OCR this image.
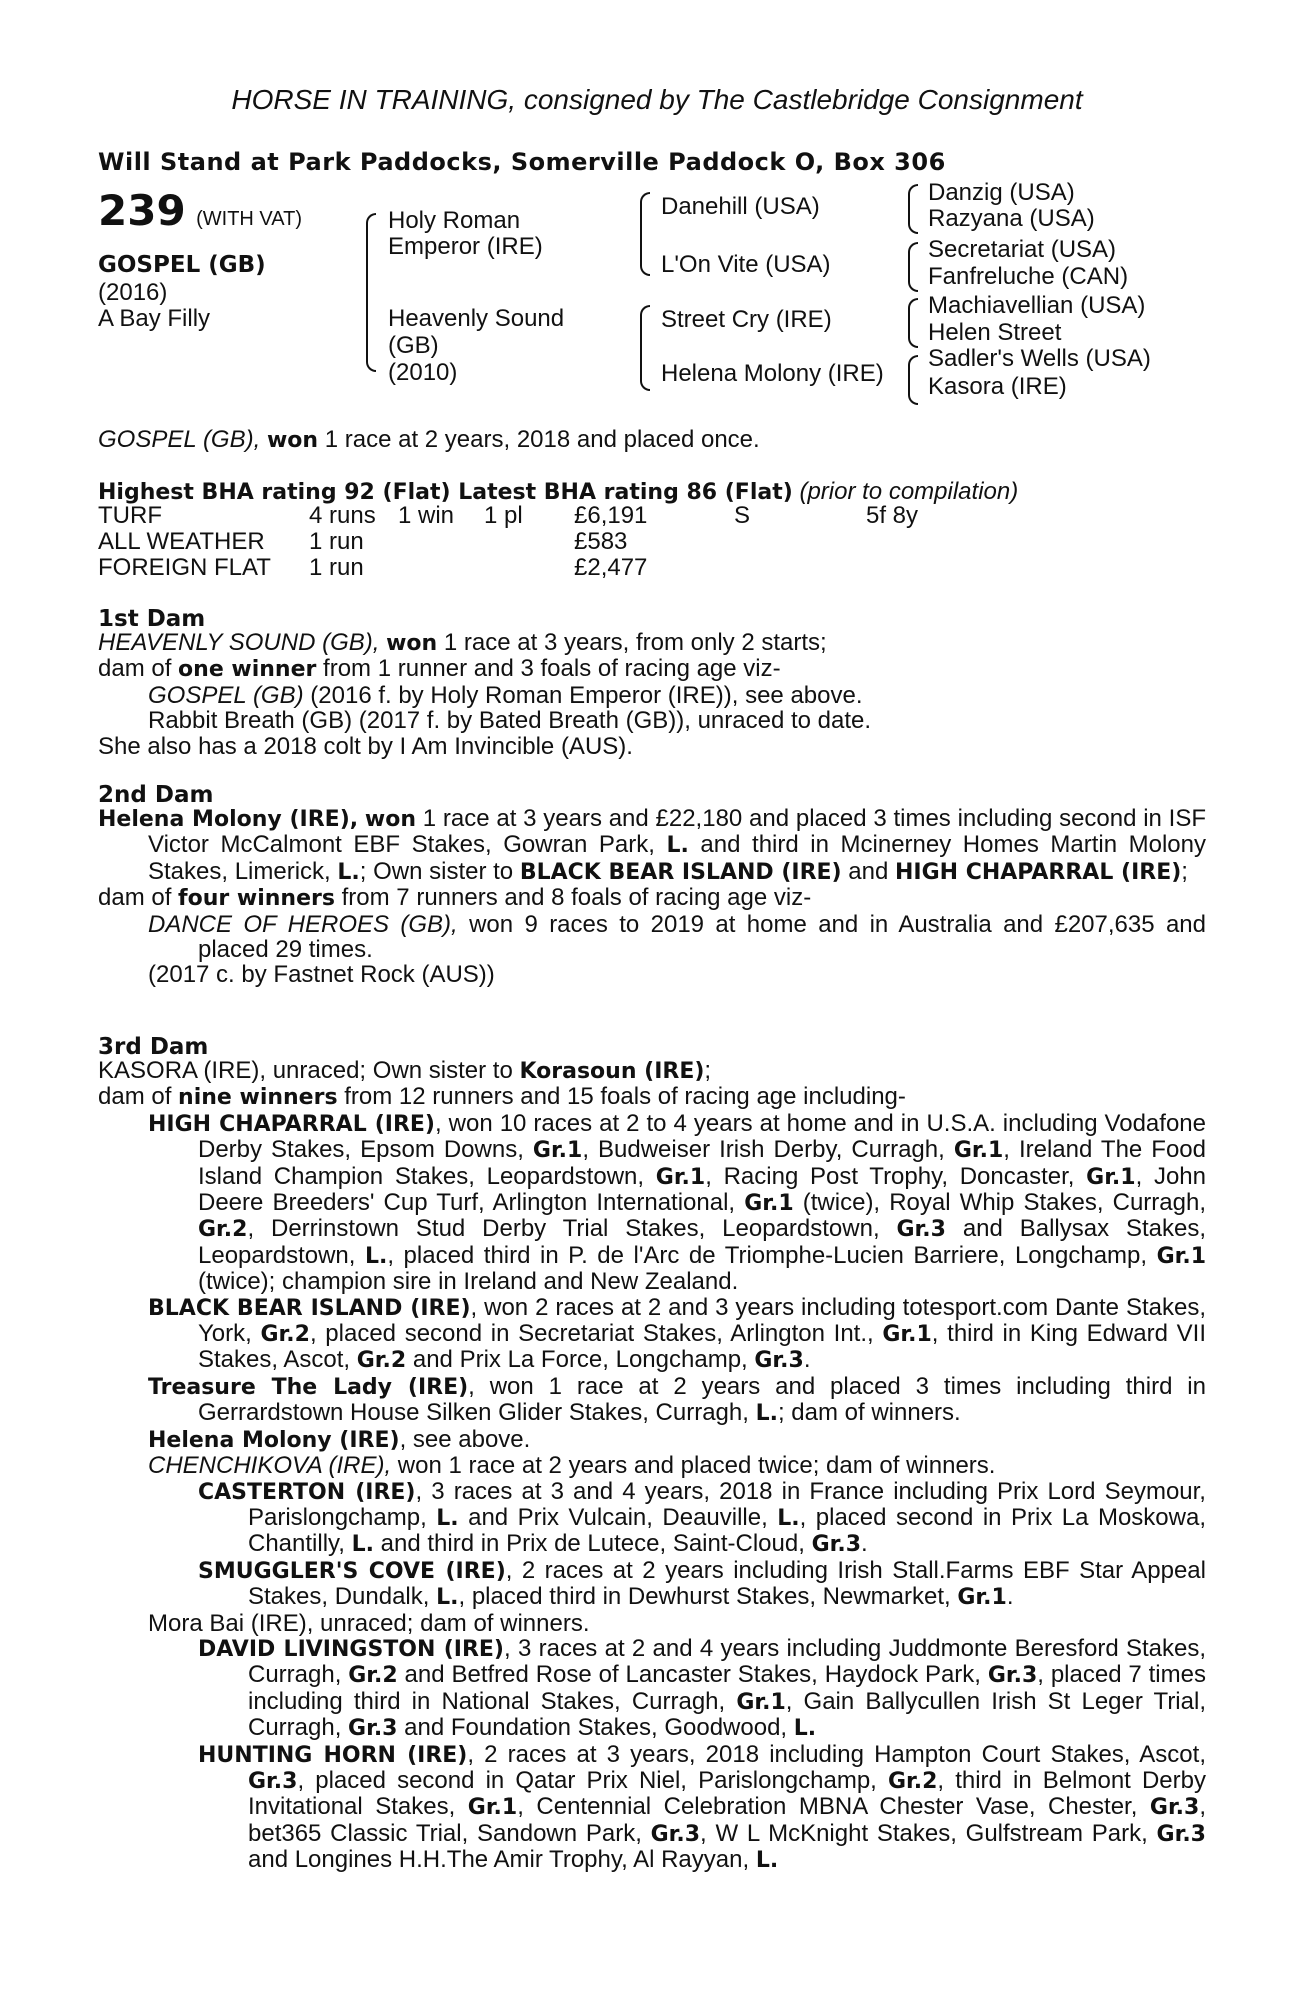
HORSE IN TRAINING, consigned by The Castlebridge Consignment
Will Stand at Park Paddocks, Somerville Paddock O, Box 306
239 (WITH VAT)
GOSPEL (GB)
(2016)
A Bay Filly
Holy Roman
Emperor (IRE)
Heavenly Sound
(GB)
(2010)
Danehill (USA)
L'On Vite (USA)
Street Cry (IRE)
Helena Molony (IRE)
Danzig (USA)
Razyana (USA)
Secretariat (USA)
Fanfreluche (CAN)
Machiavellian (USA)
Helen Street
Sadler's Wells (USA)
Kasora (IRE)
GOSPEL (GB), won 1 race at 2 years, 2018 and placed once.
Highest BHA rating 92 (Flat) Latest BHA rating 86 (Flat) (prior to compilation)
TURF	4 runs 1 win 1 pl £6,191	S	5f 8y
ALL WEATHER 1 run	£583
FOREIGN FLAT 1 run	£2,477
1st Dam
HEAVENLY SOUND (GB), won 1 race at 3 years, from only 2 starts;
dam of one winner from 1 runner and 3 foals of racing age viz-
GOSPEL (GB) (2016 f. by Holy Roman Emperor (IRE)), see above.
Rabbit Breath (GB) (2017 f. by Bated Breath (GB)), unraced to date.
She also has a 2018 colt by I Am Invincible (AUS).
2nd Dam
Helena Molony (IRE), won 1 race at 3 years and £22,180 and placed 3 times including second in ISF Victor McCalmont EBF Stakes, Gowran Park, L. and third in Mcinerney Homes Martin Molony Stakes, Limerick, L.; Own sister to BLACK BEAR ISLAND (IRE) and HIGH CHAPARRAL (IRE);
dam of four winners from 7 runners and 8 foals of racing age viz-
DANCE OF HEROES (GB), won 9 races to 2019 at home and in Australia and £207,635 and placed 29 times.
(2017 c. by Fastnet Rock (AUS))
3rd Dam
KASORA (IRE), unraced; Own sister to Korasoun (IRE);
dam of nine winners from 12 runners and 15 foals of racing age including-
HIGH CHAPARRAL (IRE), won 10 races at 2 to 4 years at home and in U.S.A. including Vodafone Derby Stakes, Epsom Downs, Gr.1, Budweiser Irish Derby, Curragh, Gr.1, Ireland The Food Island Champion Stakes, Leopardstown, Gr.1, Racing Post Trophy, Doncaster, Gr.1, John Deere Breeders' Cup Turf, Arlington International, Gr.1 (twice), Royal Whip Stakes, Curragh, Gr.2, Derrinstown Stud Derby Trial Stakes, Leopardstown, Gr.3 and Ballysax Stakes, Leopardstown, L., placed third in P. de l'Arc de Triomphe-Lucien Barriere, Longchamp, Gr.1 (twice); champion sire in Ireland and New Zealand.
BLACK BEAR ISLAND (IRE), won 2 races at 2 and 3 years including totesport.com Dante Stakes, York, Gr.2, placed second in Secretariat Stakes, Arlington Int., Gr.1, third in King Edward VII Stakes, Ascot, Gr.2 and Prix La Force, Longchamp, Gr.3.
Treasure The Lady (IRE), won 1 race at 2 years and placed 3 times including third in Gerrardstown House Silken Glider Stakes, Curragh, L.; dam of winners.
Helena Molony (IRE), see above.
CHENCHIKOVA (IRE), won 1 race at 2 years and placed twice; dam of winners.
CASTERTON (IRE), 3 races at 3 and 4 years, 2018 in France including Prix Lord Seymour, Parislongchamp, L. and Prix Vulcain, Deauville, L., placed second in Prix La Moskowa, Chantilly, L. and third in Prix de Lutece, Saint-Cloud, Gr.3.
SMUGGLER'S COVE (IRE), 2 races at 2 years including Irish Stall.Farms EBF Star Appeal Stakes, Dundalk, L., placed third in Dewhurst Stakes, Newmarket, Gr.1.
Mora Bai (IRE), unraced; dam of winners.
DAVID LIVINGSTON (IRE), 3 races at 2 and 4 years including Juddmonte Beresford Stakes, Curragh, Gr.2 and Betfred Rose of Lancaster Stakes, Haydock Park, Gr.3, placed 7 times including third in National Stakes, Curragh, Gr.1, Gain Ballycullen Irish St Leger Trial, Curragh, Gr.3 and Foundation Stakes, Goodwood, L.
HUNTING HORN (IRE), 2 races at 3 years, 2018 including Hampton Court Stakes, Ascot, Gr.3, placed second in Qatar Prix Niel, Parislongchamp, Gr.2, third in Belmont Derby Invitational Stakes, Gr.1, Centennial Celebration MBNA Chester Vase, Chester, Gr.3, bet365 Classic Trial, Sandown Park, Gr.3, W L McKnight Stakes, Gulfstream Park, Gr.3 and Longines H.H.The Amir Trophy, Al Rayyan, L.
